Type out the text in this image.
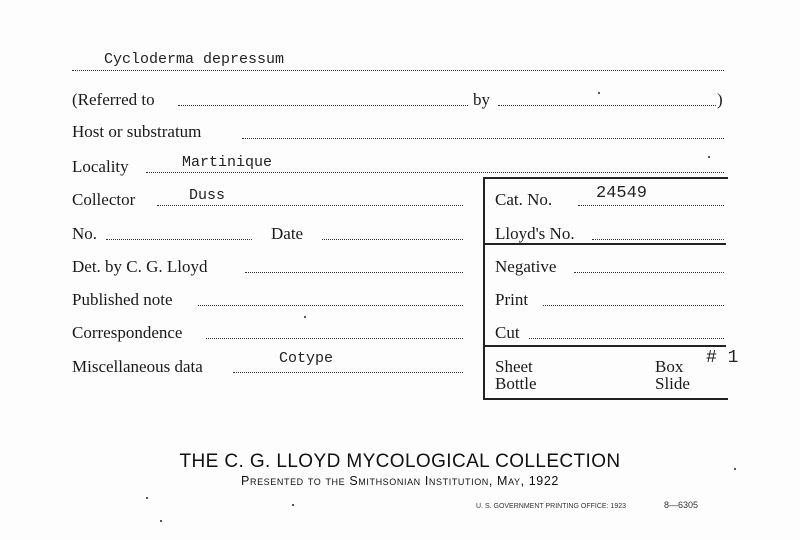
Cycloderma depressum
(Referred to	by	)
Host or substratum
Locality	Martinique
Collector	Duss
No.	Date
Det. by C. G. Lloyd
Published note
Correspondence
Miscellaneous data	Cotype
Cat. No.	24549
Lloyd's No.
Negative
Print
Cut
Sheet	Box # 1
Bottle	Slide
THE C. G. LLOYD MYCOLOGICAL COLLECTION
Presented to the Smithsonian Institution, May, 1922
U. S. GOVERNMENT PRINTING OFFICE: 1923	8—6305
